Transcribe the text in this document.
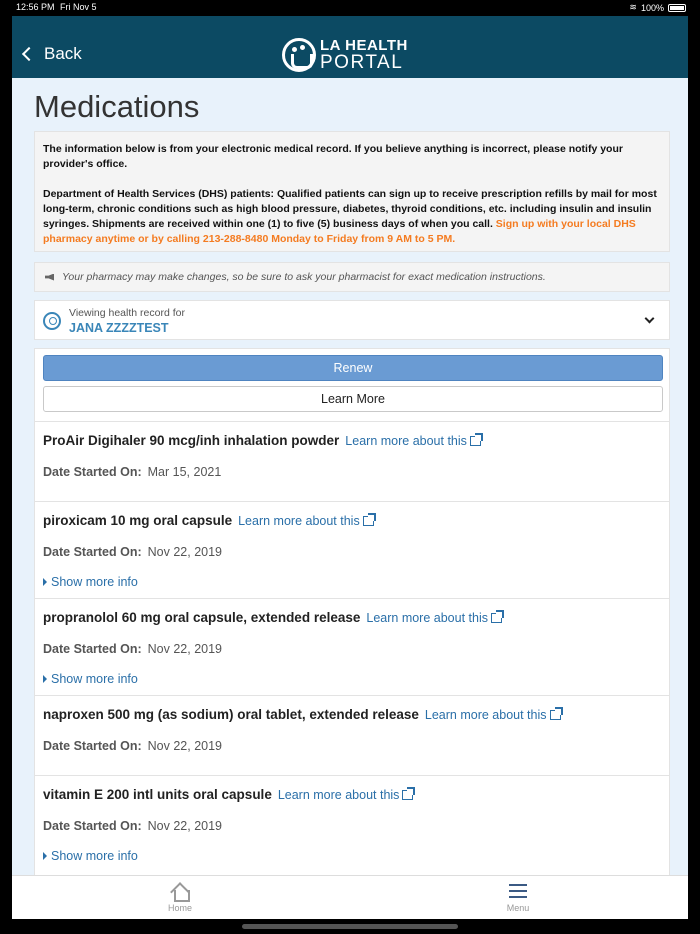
12:56 PM Fri Nov 5	≋ 100%
Back	LA HEALTH
PORTAL
Medications

The information below is from your electronic medical record. If you believe anything is incorrect, please notify your provider's office.

Department of Health Services (DHS) patients: Qualified patients can sign up to receive prescription refills by mail for most long-term, chronic conditions such as high blood pressure, diabetes, thyroid conditions, etc. including insulin and insulin syringes. Shipments are received within one (1) to five (5) business days of when you call. Sign up with your local DHS pharmacy anytime or by calling 213-288-8480 Monday to Friday from 9 AM to 5 PM.

Your pharmacy may make changes, so be sure to ask your pharmacist for exact medication instructions.
Viewing health record for
JANA ZZZZTEST
Renew
Learn More
ProAir Digihaler 90 mcg/inh inhalation powder Learn more about this
Date Started On: Mar 15, 2021
piroxicam 10 mg oral capsule Learn more about this
Date Started On: Nov 22, 2019
Show more info
propranolol 60 mg oral capsule, extended release Learn more about this
Date Started On: Nov 22, 2019
Show more info
naproxen 500 mg (as sodium) oral tablet, extended release Learn more about this
Date Started On: Nov 22, 2019
vitamin E 200 intl units oral capsule Learn more about this
Date Started On: Nov 22, 2019
Show more info
Home	Menu
